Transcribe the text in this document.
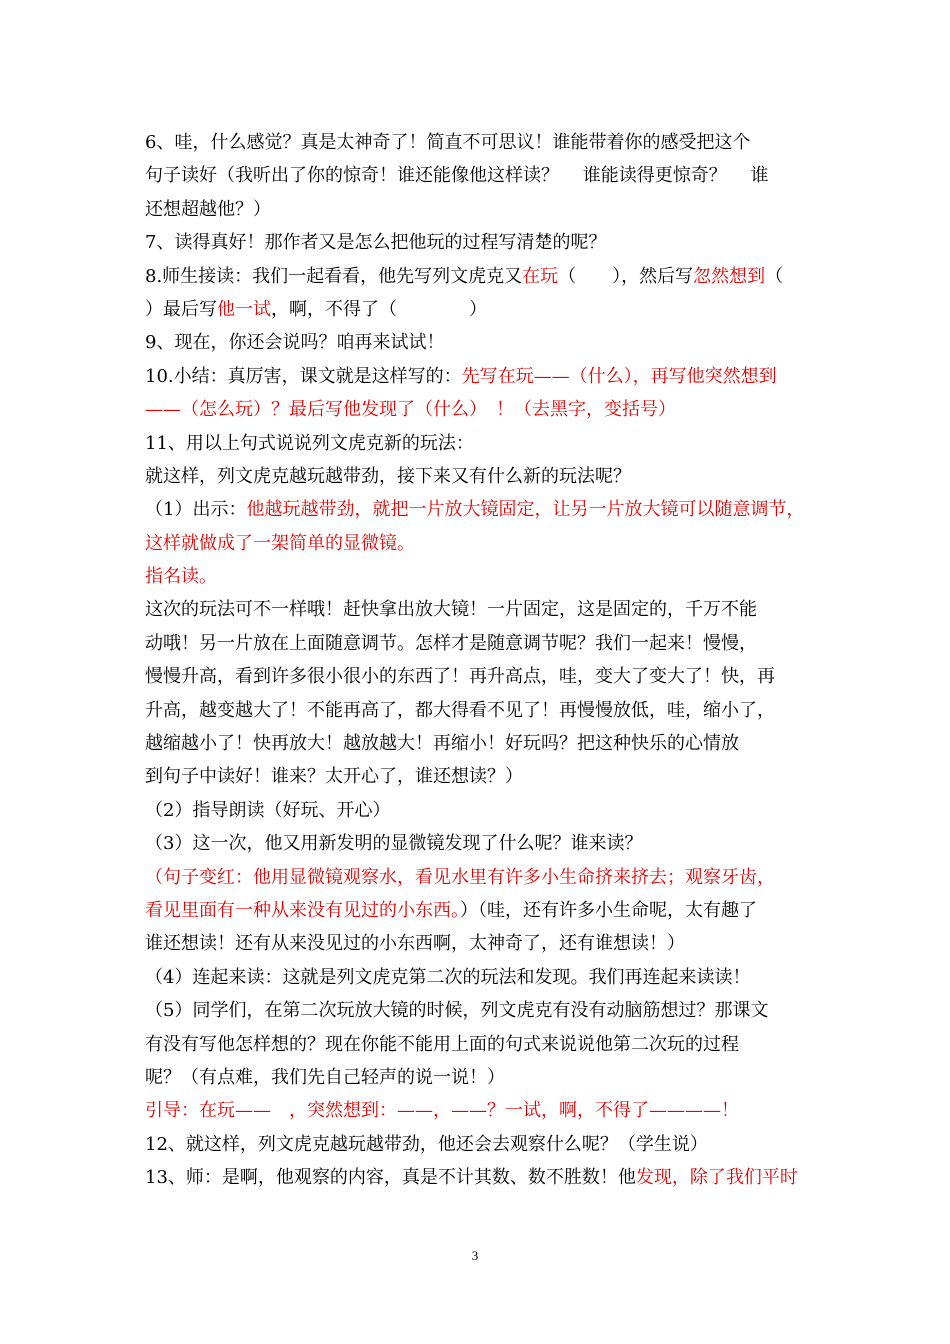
6、哇，什么感觉？真是太神奇了！简直不可思议！谁能带着你的感受把这个
句子读好（我听出了你的惊奇！谁还能像他这样读？　 谁能读得更惊奇？　 谁
还想超越他？）
7、读得真好！那作者又是怎么把他玩的过程写清楚的呢？
8.师生接读：我们一起看看，他先写列文虎克又在玩（　　），然后写忽然想到（
）最后写他一试，啊，不得了（　　　　）
9、现在，你还会说吗？咱再来试试！
10.小结：真厉害，课文就是这样写的：先写在玩——（什么），再写他突然想到
——（怎么玩）？最后写他发现了（什么）　！（去黑字，变括号）
11、用以上句式说说列文虎克新的玩法：
就这样，列文虎克越玩越带劲，接下来又有什么新的玩法呢？
（1）出示：他越玩越带劲，就把一片放大镜固定，让另一片放大镜可以随意调节，
这样就做成了一架简单的显微镜。
指名读。
这次的玩法可不一样哦！赶快拿出放大镜！一片固定，这是固定的，千万不能
动哦！另一片放在上面随意调节。怎样才是随意调节呢？我们一起来！慢慢，
慢慢升高，看到许多很小很小的东西了！再升高点，哇，变大了变大了！快，再
升高，越变越大了！不能再高了，都大得看不见了！再慢慢放低，哇，缩小了，
越缩越小了！快再放大！越放越大！再缩小！好玩吗？把这种快乐的心情放
到句子中读好！谁来？太开心了，谁还想读？）
（2）指导朗读（好玩、开心）
（3）这一次，他又用新发明的显微镜发现了什么呢？谁来读？
（句子变红：他用显微镜观察水，看见水里有许多小生命挤来挤去；观察牙齿，
看见里面有一种从来没有见过的小东西。）（哇，还有许多小生命呢，太有趣了
谁还想读！还有从来没见过的小东西啊，太神奇了，还有谁想读！）
（4）连起来读：这就是列文虎克第二次的玩法和发现。我们再连起来读读！
（5）同学们，在第二次玩放大镜的时候，列文虎克有没有动脑筋想过？那课文
有没有写他怎样想的？现在你能不能用上面的句式来说说他第二次玩的过程
呢？（有点难，我们先自己轻声的说一说！）
引导：在玩——　，突然想到：——，——？一试，啊，不得了————！
12、就这样，列文虎克越玩越带劲，他还会去观察什么呢？（学生说）
13、师：是啊，他观察的内容，真是不计其数、数不胜数！他发现，除了我们平时
3
